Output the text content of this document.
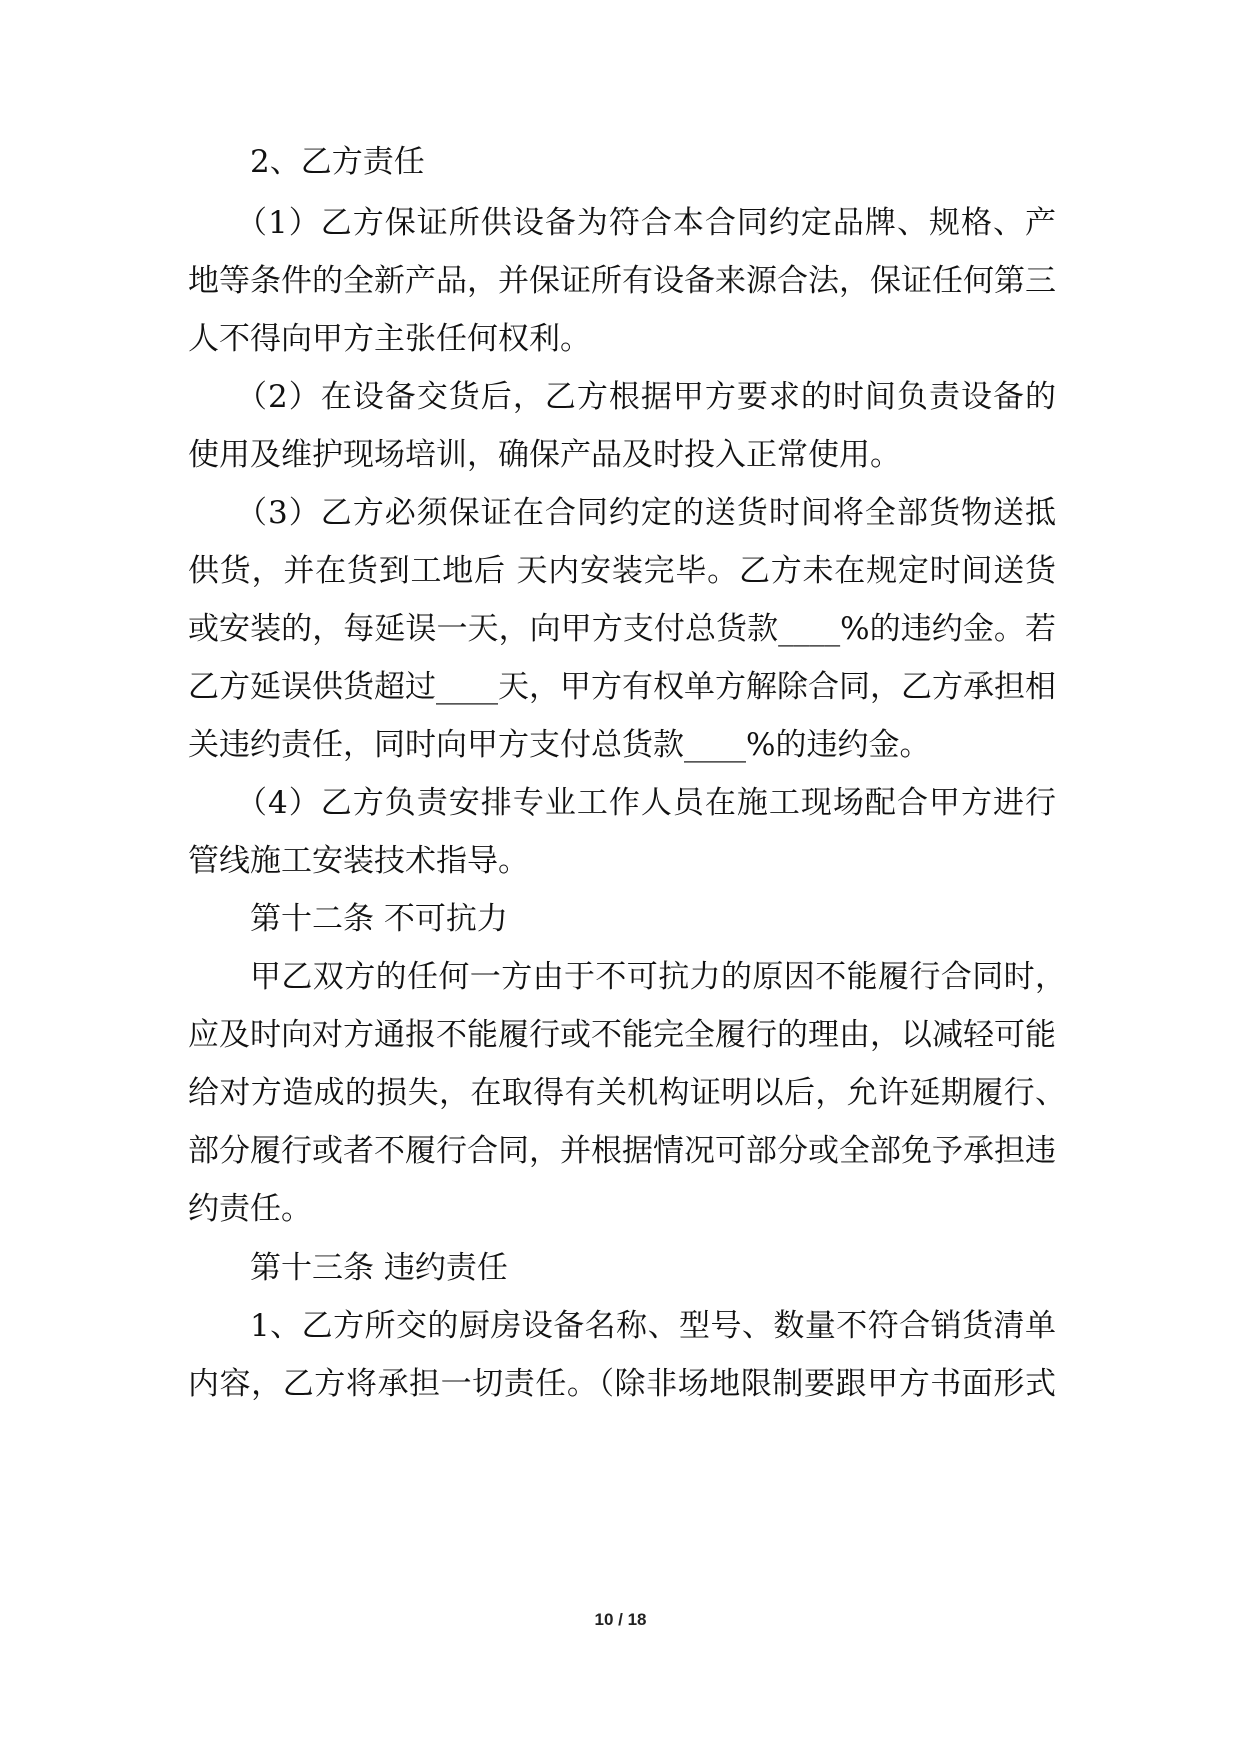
2、乙方责任
（1）乙方保证所供设备为符合本合同约定品牌、规格、产
地等条件的全新产品，并保证所有设备来源合法，保证任何第三
人不得向甲方主张任何权利。
（2）在设备交货后，乙方根据甲方要求的时间负责设备的
使用及维护现场培训，确保产品及时投入正常使用。
（3）乙方必须保证在合同约定的送货时间将全部货物送抵
供货，并在货到工地后 天内安装完毕。乙方未在规定时间送货
或安装的，每延误一天，向甲方支付总货款____%的违约金。若
乙方延误供货超过____天，甲方有权单方解除合同，乙方承担相
关违约责任，同时向甲方支付总货款____%的违约金。
（4）乙方负责安排专业工作人员在施工现场配合甲方进行
管线施工安装技术指导。
第十二条 不可抗力
甲乙双方的任何一方由于不可抗力的原因不能履行合同时，
应及时向对方通报不能履行或不能完全履行的理由，以减轻可能
给对方造成的损失，在取得有关机构证明以后，允许延期履行、
部分履行或者不履行合同，并根据情况可部分或全部免予承担违
约责任。
第十三条 违约责任
1、乙方所交的厨房设备名称、型号、数量不符合销货清单
内容，乙方将承担一切责任。（除非场地限制要跟甲方书面形式
10 / 18
